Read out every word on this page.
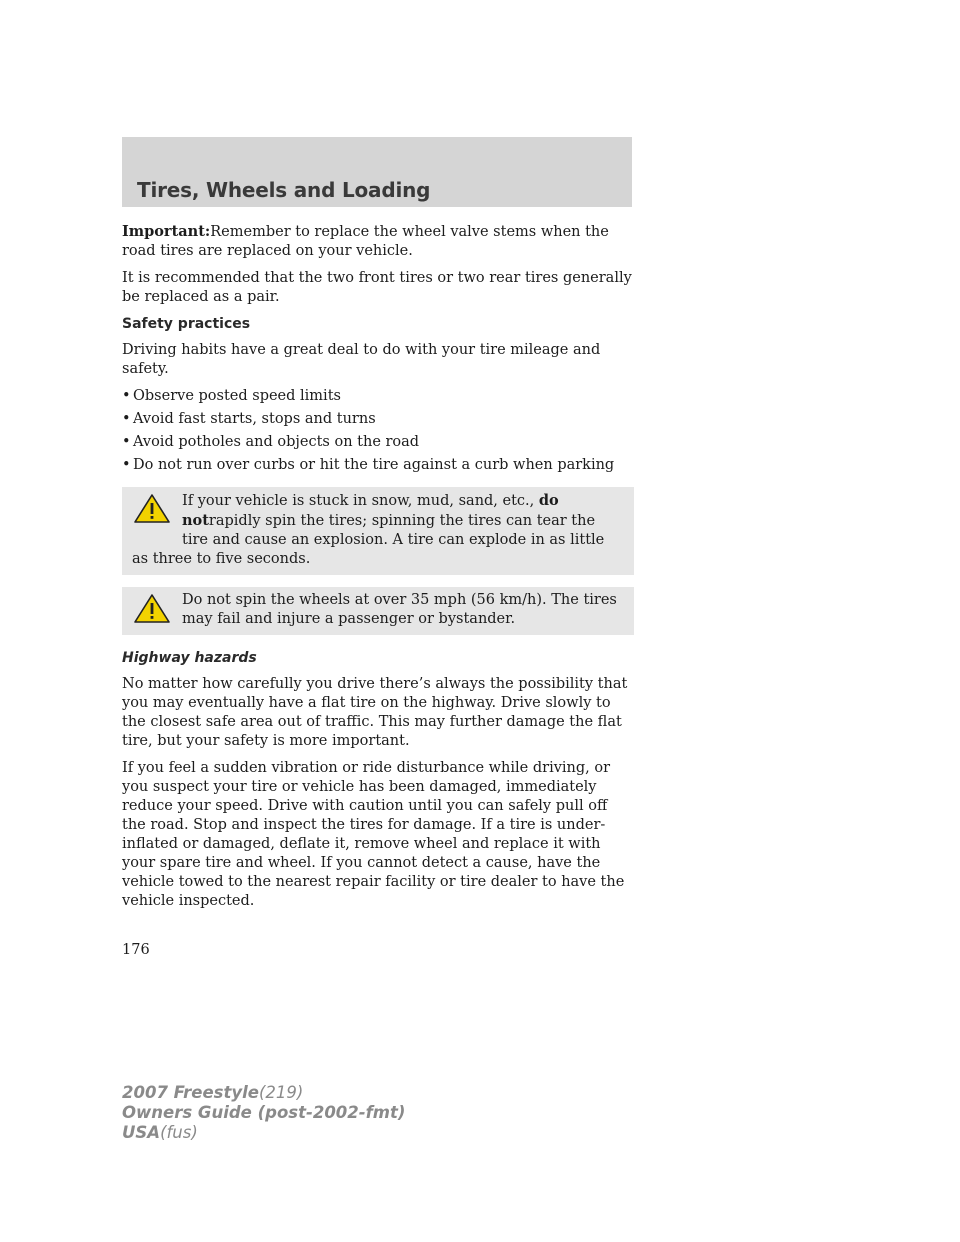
Tires, Wheels and Loading

Important:Remember to replace the wheel valve stems when the road tires are replaced on your vehicle.

It is recommended that the two front tires or two rear tires generally be replaced as a pair.

Safety practices

Driving habits have a great deal to do with your tire mileage and safety.

• Observe posted speed limits
• Avoid fast starts, stops and turns
• Avoid potholes and objects on the road
• Do not run over curbs or hit the tire against a curb when parking

If your vehicle is stuck in snow, mud, sand, etc., do notrapidly spin the tires; spinning the tires can tear the tire and cause an explosion. A tire can explode in as little as three to five seconds.

Do not spin the wheels at over 35 mph (56 km/h). The tires may fail and injure a passenger or bystander.

Highway hazards

No matter how carefully you drive there’s always the possibility that you may eventually have a flat tire on the highway. Drive slowly to the closest safe area out of traffic. This may further damage the flat tire, but your safety is more important.

If you feel a sudden vibration or ride disturbance while driving, or you suspect your tire or vehicle has been damaged, immediately reduce your speed. Drive with caution until you can safely pull off the road. Stop and inspect the tires for damage. If a tire is under-inflated or damaged, deflate it, remove wheel and replace it with your spare tire and wheel. If you cannot detect a cause, have the vehicle towed to the nearest repair facility or tire dealer to have the vehicle inspected.

176
2007 Freestyle(219)
Owners Guide (post-2002-fmt)
USA(fus)
